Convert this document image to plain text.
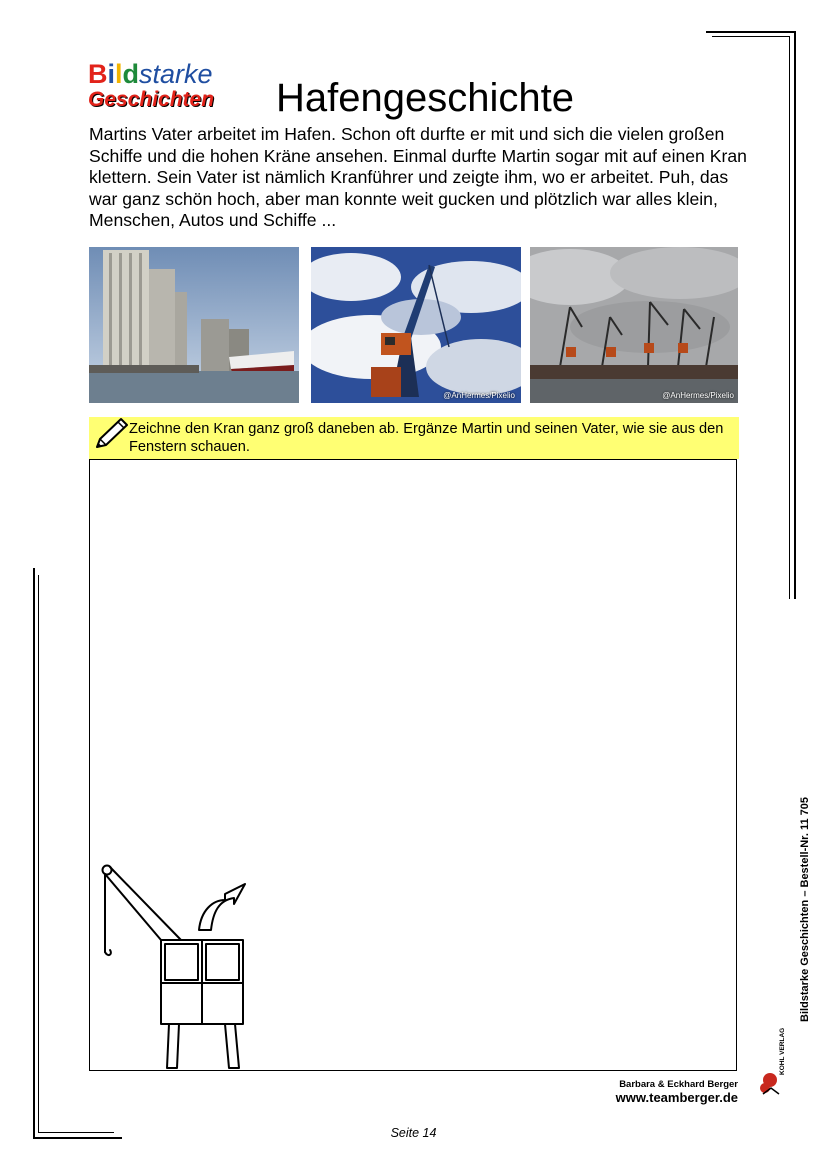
Bildstarke
Geschichten Hafengeschichte
Martins Vater arbeitet im Hafen. Schon oft durfte er mit und sich die vielen großen Schiffe und die hohen Kräne ansehen. Einmal durfte Martin sogar mit auf einen Kran klettern. Sein Vater ist nämlich Kranführer und zeigte ihm, wo er arbeitet. Puh, das war ganz schön hoch, aber man konnte weit gucken und plötzlich war alles klein, Menschen, Autos und Schiffe ...
@AnHermes/Pixelio	@AnHermes/Pixelio
Zeichne den Kran ganz groß daneben ab. Ergänze Martin und seinen Vater, wie sie aus den Fenstern schauen.
Bildstarke Geschichten – Bestell-Nr. 11 705
KOHL VERLAG
Barbara & Eckhard Berger
www.teamberger.de
Seite 14
